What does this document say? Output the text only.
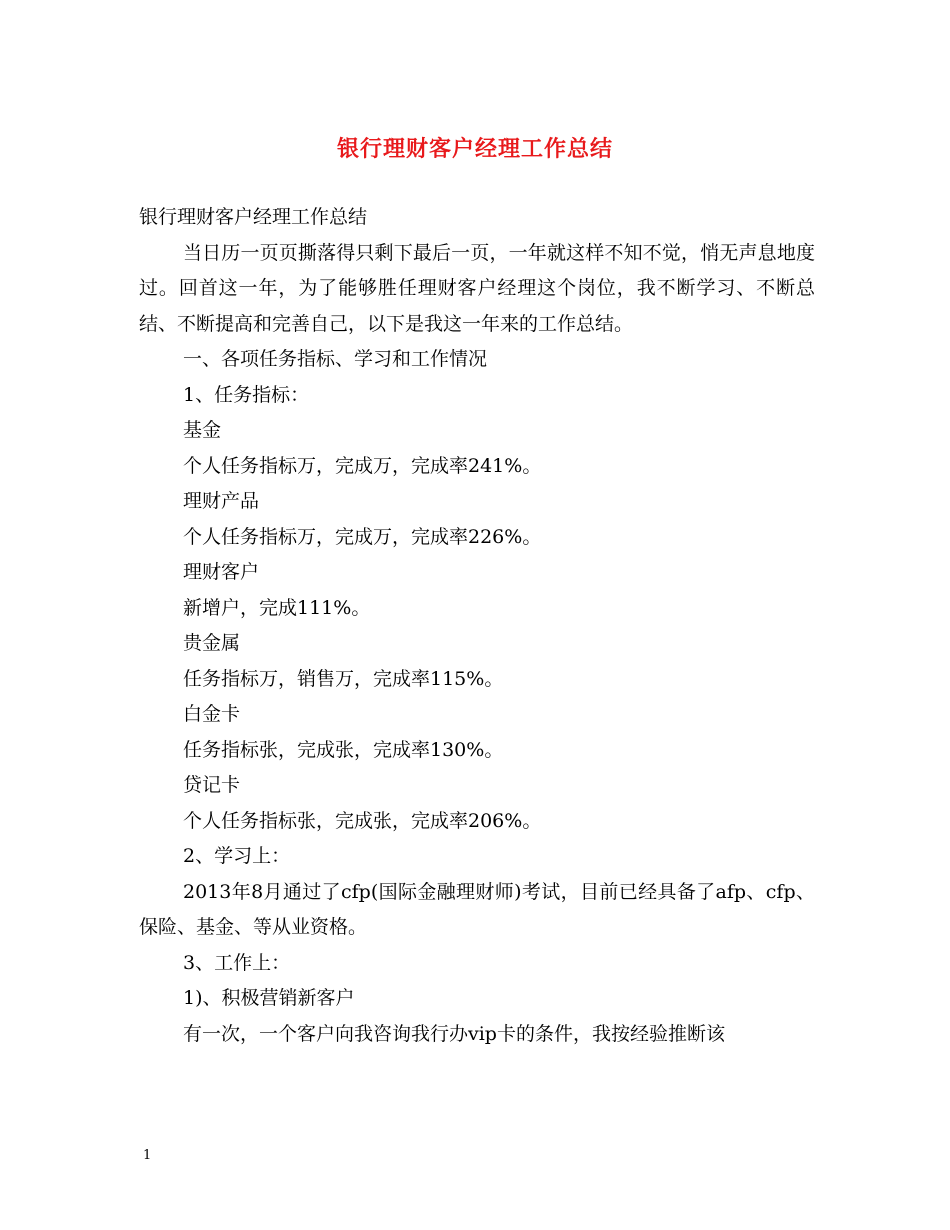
银行理财客户经理工作总结
银行理财客户经理工作总结
当日历一页页撕落得只剩下最后一页，一年就这样不知不觉，悄无声息地度过。回首这一年，为了能够胜任理财客户经理这个岗位，我不断学习、不断总结、不断提高和完善自己，以下是我这一年来的工作总结。
一、各项任务指标、学习和工作情况
1、任务指标：
基金
个人任务指标万，完成万，完成率241%。
理财产品
个人任务指标万，完成万，完成率226%。
理财客户
新增户，完成111%。
贵金属
任务指标万，销售万，完成率115%。
白金卡
任务指标张，完成张，完成率130%。
贷记卡
个人任务指标张，完成张，完成率206%。
2、学习上：
2013年8月通过了cfp(国际金融理财师)考试，目前已经具备了afp、cfp、保险、基金、等从业资格。
3、工作上：
1)、积极营销新客户
有一次，一个客户向我咨询我行办vip卡的条件，我按经验推断该
1
